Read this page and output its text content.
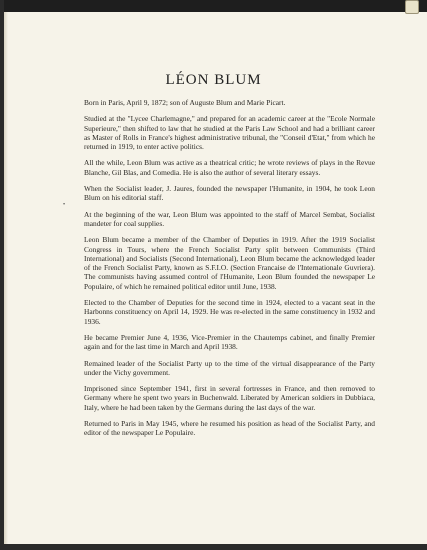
LÉON BLUM
•

Born in Paris, April 9, 1872; son of Auguste Blum and Marie Picart.

Studied at the "Lycee Charlemagne," and prepared for an academic career at the "Ecole Normale Superieure," then shifted to law that he studied at the Paris Law School and had a brilliant career as Master of Rolls in France's highest administrative tribunal, the "Conseil d'Etat," from which he returned in 1919, to enter active politics.

All the while, Leon Blum was active as a theatrical critic; he wrote reviews of plays in the Revue Blanche, Gil Blas, and Comedia. He is also the author of several literary essays.

When the Socialist leader, J. Jaures, founded the newspaper l'Humanite, in 1904, he took Leon Blum on his editorial staff.

At the beginning of the war, Leon Blum was appointed to the staff of Marcel Sembat, Socialist mandeter for coal supplies.

Leon Blum became a member of the Chamber of Deputies in 1919. After the 1919 Socialist Congress in Tours, where the French Socialist Party split between Communists (Third International) and Socialists (Second International), Leon Blum became the acknowledged leader of the French Socialist Party, known as S.F.I.O. (Section Francaise de l'Internationale Guvriera). The communists having assumed control of l'Humanite, Leon Blum founded the newspaper Le Populaire, of which he remained political editor until June, 1938.

Elected to the Chamber of Deputies for the second time in 1924, elected to a vacant seat in the Harbonns constituency on April 14, 1929. He was re-elected in the same constituency in 1932 and 1936.

He became Premier June 4, 1936, Vice-Premier in the Chautemps cabinet, and finally Premier again and for the last time in March and April 1938.

Remained leader of the Socialist Party up to the time of the virtual disappearance of the Party under the Vichy government.

Imprisoned since September 1941, first in several fortresses in France, and then removed to Germany where he spent two years in Buchenwald. Liberated by American soldiers in Dubbiaca, Italy, where he had been taken by the Germans during the last days of the war.

Returned to Paris in May 1945, where he resumed his position as head of the Socialist Party, and editor of the newspaper Le Populaire.
